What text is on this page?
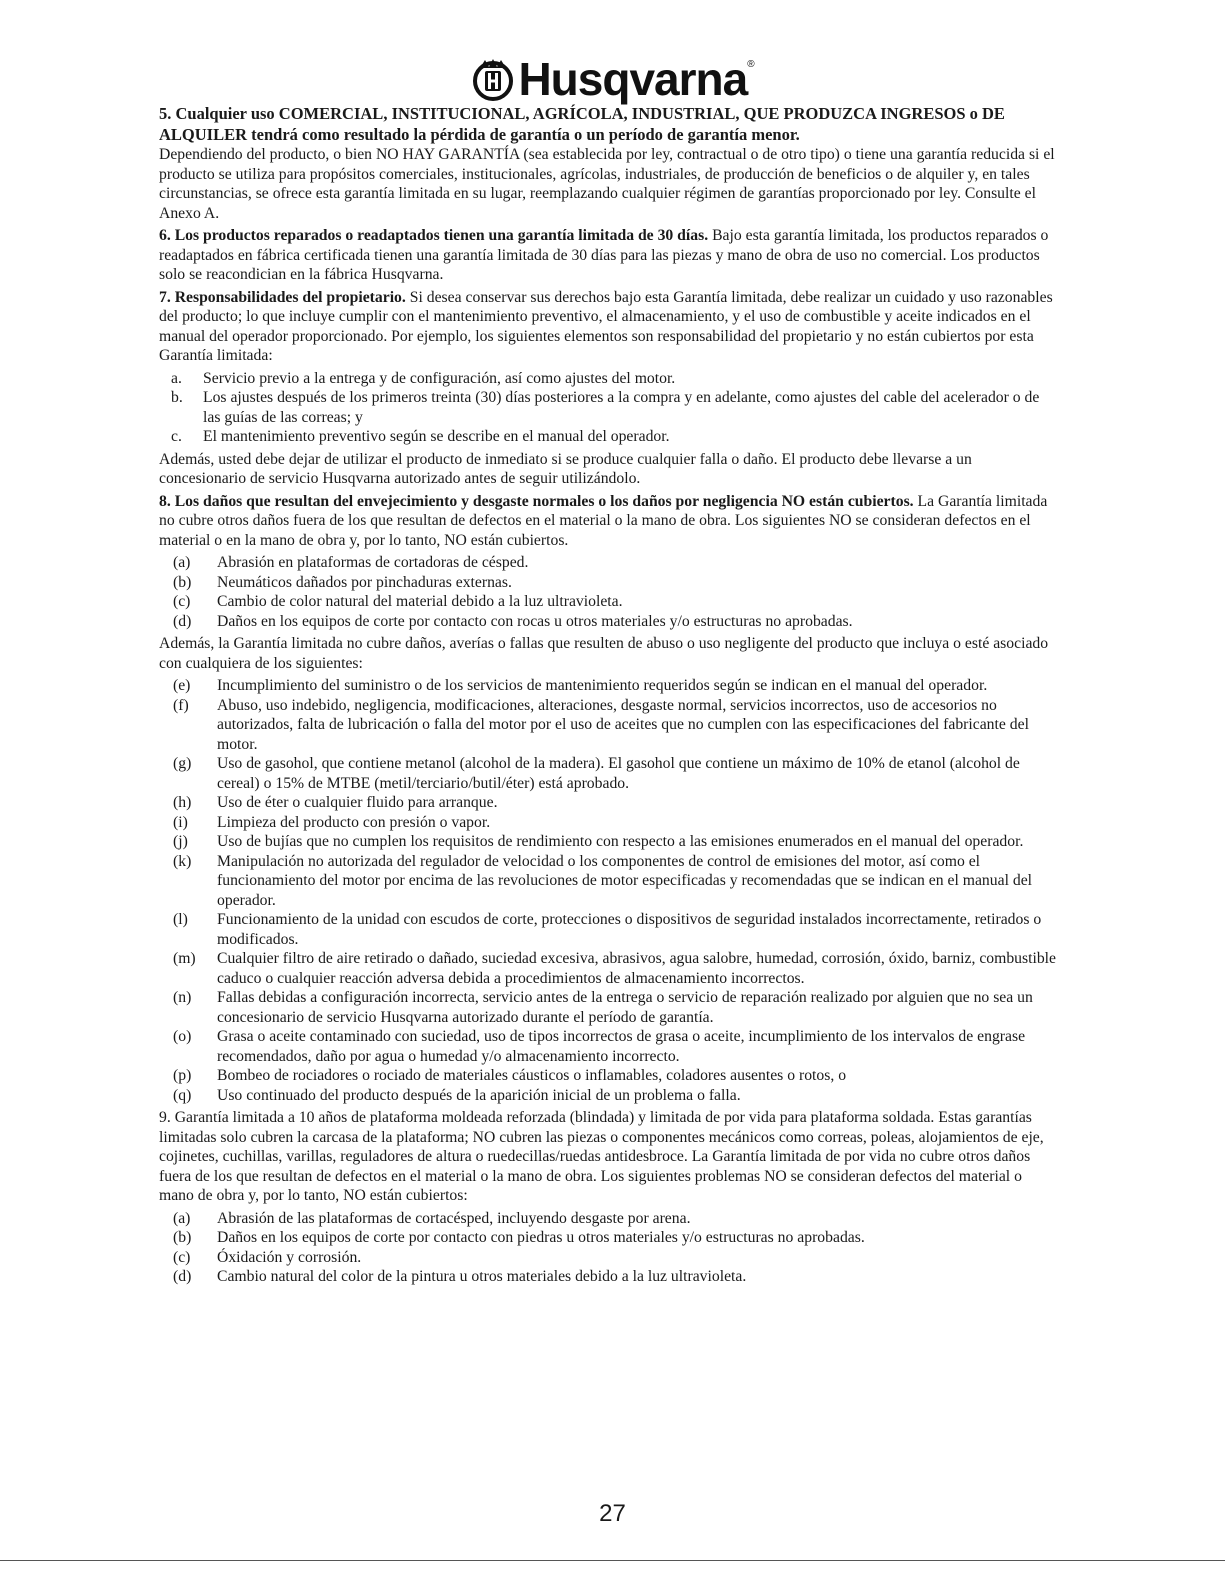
Husqvarna®

5. Cualquier uso COMERCIAL, INSTITUCIONAL, AGRÍCOLA, INDUSTRIAL, QUE PRODUZCA INGRESOS o DE ALQUILER tendrá como resultado la pérdida de garantía o un período de garantía menor.
Dependiendo del producto, o bien NO HAY GARANTÍA (sea establecida por ley, contractual o de otro tipo) o tiene una garantía reducida si el producto se utiliza para propósitos comerciales, institucionales, agrícolas, industriales, de producción de beneficios o de alquiler y, en tales circunstancias, se ofrece esta garantía limitada en su lugar, reemplazando cualquier régimen de garantías proporcionado por ley. Consulte el Anexo A.

6. Los productos reparados o readaptados tienen una garantía limitada de 30 días. Bajo esta garantía limitada, los productos reparados o readaptados en fábrica certificada tienen una garantía limitada de 30 días para las piezas y mano de obra de uso no comercial. Los productos solo se reacondician en la fábrica Husqvarna.

7. Responsabilidades del propietario. Si desea conservar sus derechos bajo esta Garantía limitada, debe realizar un cuidado y uso razonables del producto; lo que incluye cumplir con el mantenimiento preventivo, el almacenamiento, y el uso de combustible y aceite indicados en el manual del operador proporcionado. Por ejemplo, los siguientes elementos son responsabilidad del propietario y no están cubiertos por esta Garantía limitada:

a. Servicio previo a la entrega y de configuración, así como ajustes del motor.
b. Los ajustes después de los primeros treinta (30) días posteriores a la compra y en adelante, como ajustes del cable del acelerador o de las guías de las correas; y
c. El mantenimiento preventivo según se describe en el manual del operador.

Además, usted debe dejar de utilizar el producto de inmediato si se produce cualquier falla o daño. El producto debe llevarse a un concesionario de servicio Husqvarna autorizado antes de seguir utilizándolo.

8. Los daños que resultan del envejecimiento y desgaste normales o los daños por negligencia NO están cubiertos. La Garantía limitada no cubre otros daños fuera de los que resultan de defectos en el material o la mano de obra. Los siguientes NO se consideran defectos en el material o en la mano de obra y, por lo tanto, NO están cubiertos.

(a) Abrasión en plataformas de cortadoras de césped.
(b) Neumáticos dañados por pinchaduras externas.
(c) Cambio de color natural del material debido a la luz ultravioleta.
(d) Daños en los equipos de corte por contacto con rocas u otros materiales y/o estructuras no aprobadas.

Además, la Garantía limitada no cubre daños, averías o fallas que resulten de abuso o uso negligente del producto que incluya o esté asociado con cualquiera de los siguientes:

(e) Incumplimiento del suministro o de los servicios de mantenimiento requeridos según se indican en el manual del operador.
(f) Abuso, uso indebido, negligencia, modificaciones, alteraciones, desgaste normal, servicios incorrectos, uso de accesorios no autorizados, falta de lubricación o falla del motor por el uso de aceites que no cumplen con las especificaciones del fabricante del motor.
(g) Uso de gasohol, que contiene metanol (alcohol de la madera). El gasohol que contiene un máximo de 10% de etanol (alcohol de cereal) o 15% de MTBE (metil/terciario/butil/éter) está aprobado.
(h) Uso de éter o cualquier fluido para arranque.
(i) Limpieza del producto con presión o vapor.
(j) Uso de bujías que no cumplen los requisitos de rendimiento con respecto a las emisiones enumerados en el manual del operador.
(k) Manipulación no autorizada del regulador de velocidad o los componentes de control de emisiones del motor, así como el funcionamiento del motor por encima de las revoluciones de motor especificadas y recomendadas que se indican en el manual del operador.
(l) Funcionamiento de la unidad con escudos de corte, protecciones o dispositivos de seguridad instalados incorrectamente, retirados o modificados.
(m) Cualquier filtro de aire retirado o dañado, suciedad excesiva, abrasivos, agua salobre, humedad, corrosión, óxido, barniz, combustible caduco o cualquier reacción adversa debida a procedimientos de almacenamiento incorrectos.
(n) Fallas debidas a configuración incorrecta, servicio antes de la entrega o servicio de reparación realizado por alguien que no sea un concesionario de servicio Husqvarna autorizado durante el período de garantía.
(o) Grasa o aceite contaminado con suciedad, uso de tipos incorrectos de grasa o aceite, incumplimiento de los intervalos de engrase recomendados, daño por agua o humedad y/o almacenamiento incorrecto.
(p) Bombeo de rociadores o rociado de materiales cáusticos o inflamables, coladores ausentes o rotos, o
(q) Uso continuado del producto después de la aparición inicial de un problema o falla.

9. Garantía limitada a 10 años de plataforma moldeada reforzada (blindada) y limitada de por vida para plataforma soldada. Estas garantías limitadas solo cubren la carcasa de la plataforma; NO cubren las piezas o componentes mecánicos como correas, poleas, alojamientos de eje, cojinetes, cuchillas, varillas, reguladores de altura o ruedecillas/ruedas antidesbroce. La Garantía limitada de por vida no cubre otros daños fuera de los que resultan de defectos en el material o la mano de obra. Los siguientes problemas NO se consideran defectos del material o mano de obra y, por lo tanto, NO están cubiertos:

(a) Abrasión de las plataformas de cortacésped, incluyendo desgaste por arena.
(b) Daños en los equipos de corte por contacto con piedras u otros materiales y/o estructuras no aprobadas.
(c) Óxidación y corrosión.
(d) Cambio natural del color de la pintura u otros materiales debido a la luz ultravioleta.
27
